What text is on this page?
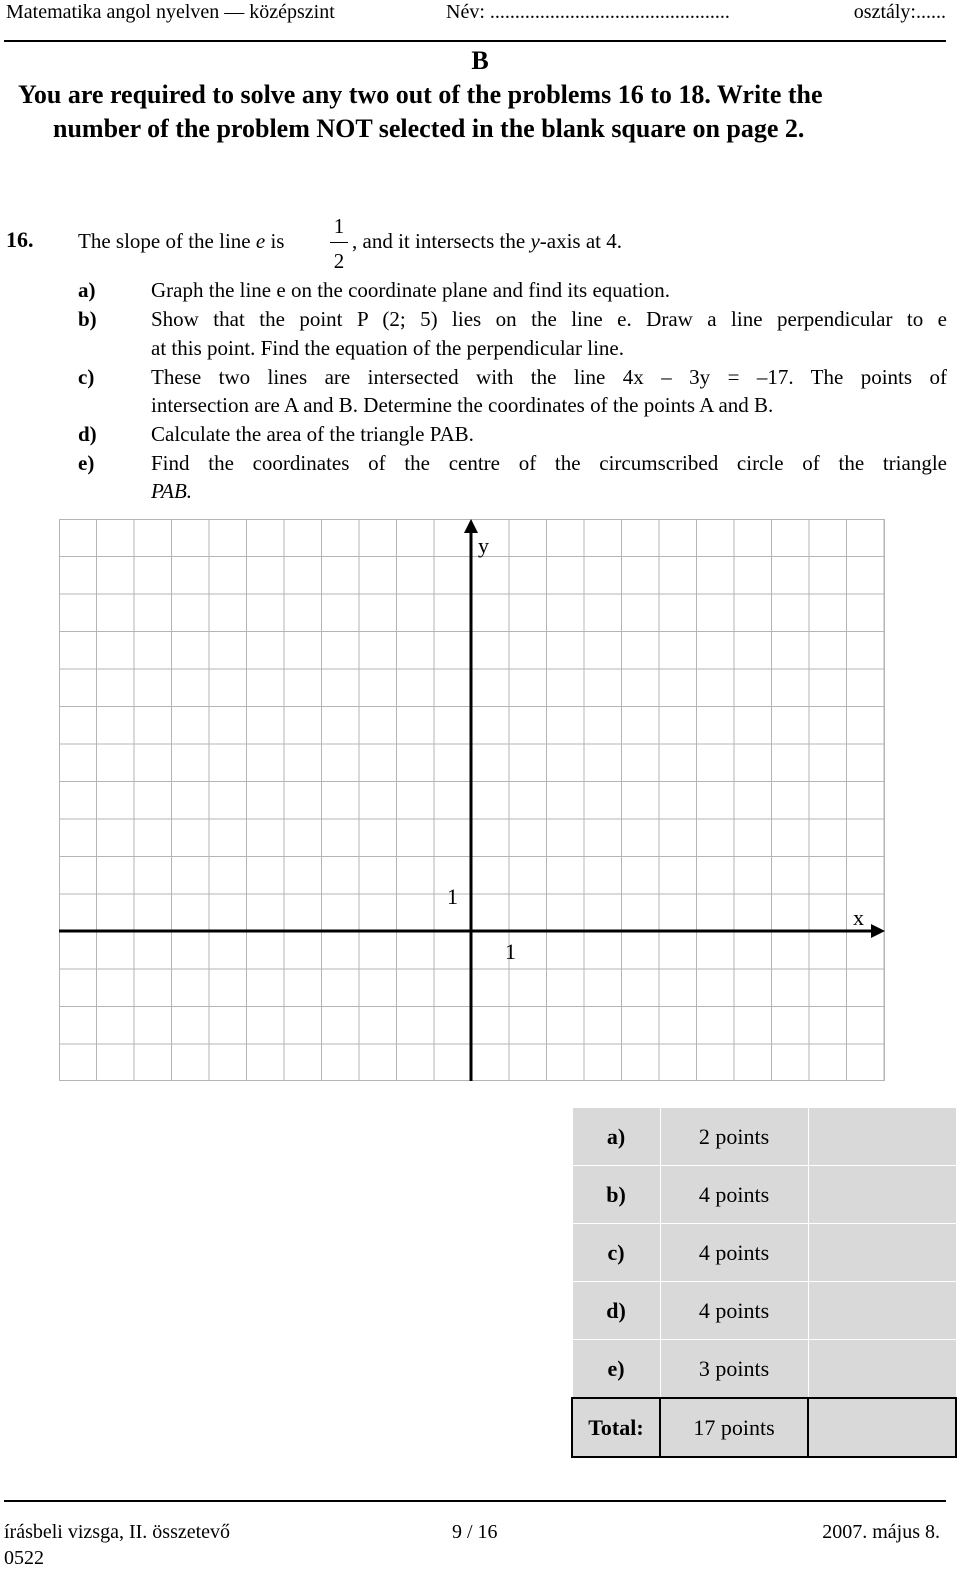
Matematika angol nyelven — középszint	Név: ................................................	osztály:......
B
You are required to solve any two out of the problems 16 to 18. Write the
number of the problem NOT selected in the blank square on page 2.
16. The slope of the line e is
1
2
, and it intersects the y-axis at 4.
a)	Graph the line e on the coordinate plane and find its equation.
b)	Show that the point P (2; 5) lies on the line e. Draw a line perpendicular to e
at this point. Find the equation of the perpendicular line.
c)	These two lines are intersected with the line 4x – 3y = –17. The points of
intersection are A and B. Determine the coordinates of the points A and B.
d)	Calculate the area of the triangle PAB.
e)	Find the coordinates of the centre of the circumscribed circle of the triangle
PAB.
y
x
1
1
a)	2 points	
b)	4 points	
c)	4 points	
d)	4 points	
e)	3 points	
Total:	17 points	
írásbeli vizsga, II. összetevő
0522
9 / 16	2007. május 8.
